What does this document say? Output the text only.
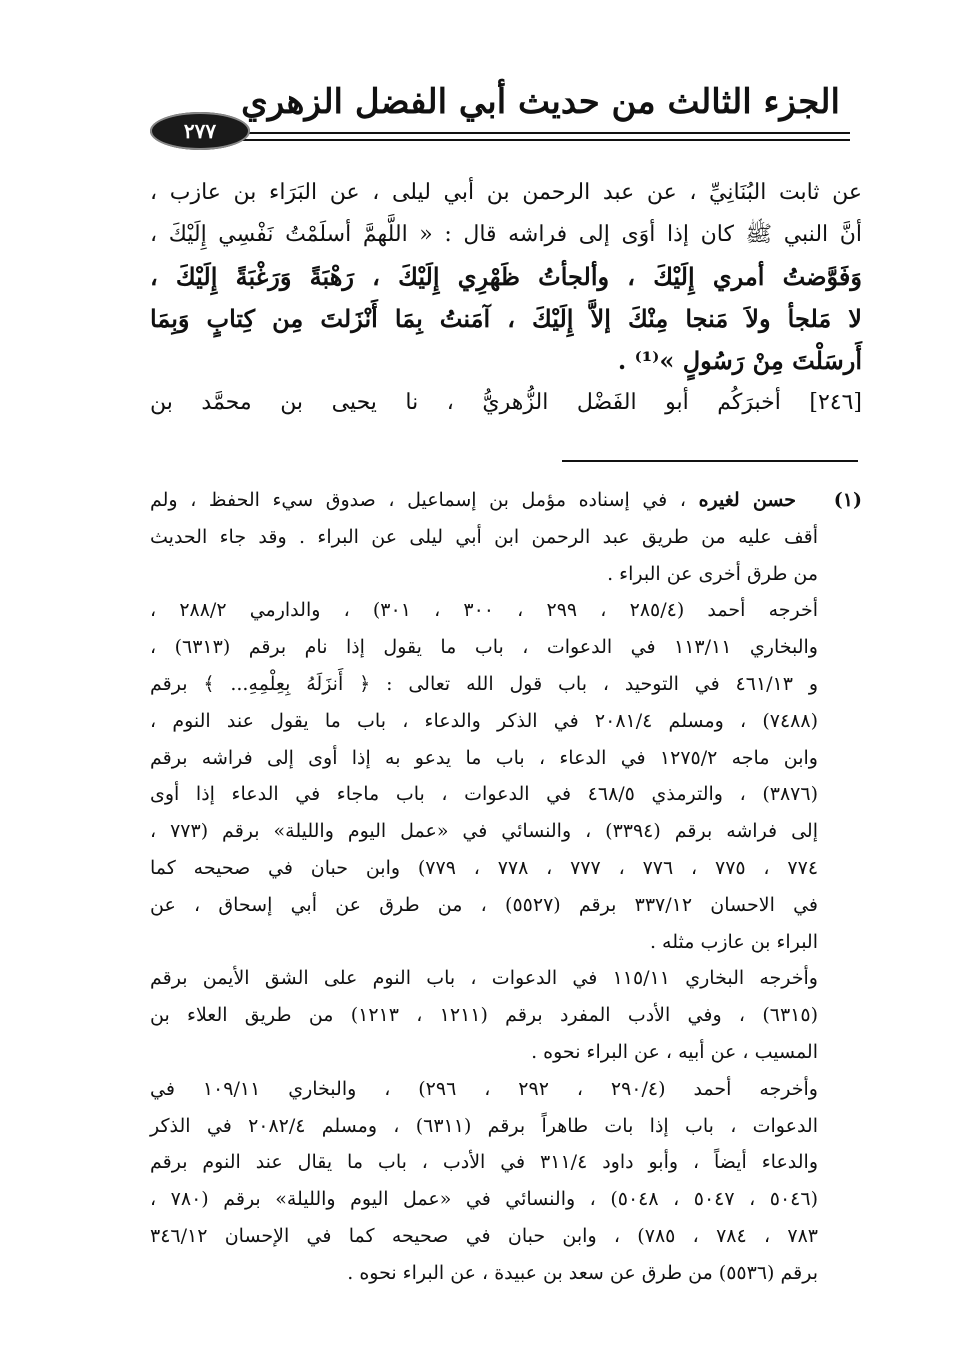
الجزء الثالث من حديث أبي الفضل الزهري
٢٧٧
عن ثابت البُنَانِيِّ ، عن عبد الرحمن بن أبي ليلى ، عن البَرَاء بن عازب ،
أنَّ النبي ﷺ كان إذا أوَى إلى فراشه قال : « اللَّهمَّ أسلَمْتُ نَفْسِي إِلَيْكَ ،
وَفَوَّضتُ أمري إِلَيْكَ ، وألجأتُ ظَهْرِي إِلَيْكَ ، رَهْبَةً وَرَغْبَةً إِلَيْكَ ،
لا مَلجأ ولاَ مَنجا مِنْكَ إلاَّ إِلَيْكَ ، آمَنتُ بِمَا أَنْزَلتَ مِن كِتابٍ وَبِمَا
أَرسَلْتَ مِنْ رَسُولٍ »⁽¹⁾ .
[٢٤٦] أخبرَكُم أبو الفَضْل الزُّهريُّ ، نا يحيى بن محمَّد بن
(١)   حسن لغيره ، في إسناده مؤمل بن إسماعيل ، صدوق سيء الحفظ ، ولم
أقف عليه من طريق عبد الرحمن ابن أبي ليلى عن البراء . وقد جاء الحديث
من طرق أخرى عن البراء .
أخرجه أحمد (٢٨٥/٤ ، ٢٩٩ ، ٣٠٠ ، ٣٠١) ، والدارمي ٢٨٨/٢ ،
والبخاري ١١٣/١١ في الدعوات ، باب ما يقول إذا نام برقم (٦٣١٣) ،
و ٤٦١/١٣ في التوحيد ، باب قول الله تعالى : ﴿ أَنزَلَهُ بِعِلْمِهِ... ﴾ برقم
(٧٤٨٨) ، ومسلم ٢٠٨١/٤ في الذكر والدعاء ، باب ما يقول عند النوم ،
وابن ماجه ١٢٧٥/٢ في الدعاء ، باب ما يدعو به إذا أوى إلى فراشه برقم
(٣٨٧٦) ، والترمذي ٤٦٨/٥ في الدعوات ، باب ماجاء في الدعاء إذا أوى
إلى فراشه برقم (٣٣٩٤) ، والنسائي في «عمل اليوم والليلة» برقم (٧٧٣ ،
٧٧٤ ، ٧٧٥ ، ٧٧٦ ، ٧٧٧ ، ٧٧٨ ، ٧٧٩) وابن حبان في صحيحه كما
في الاحسان ٣٣٧/١٢ برقم (٥٥٢٧) ، من طرق عن أبي إسحاق ، عن
البراء بن عازب مثله .
وأخرجه البخاري ١١٥/١١ في الدعوات ، باب النوم على الشق الأيمن برقم
(٦٣١٥) ، وفي الأدب المفرد برقم (١٢١١ ، ١٢١٣) من طريق العلاء بن
المسيب ، عن أبيه ، عن البراء نحوه .
وأخرجه أحمد (٢٩٠/٤ ، ٢٩٢ ، ٢٩٦) ، والبخاري ١٠٩/١١ في
الدعوات ، باب إذا بات طاهراً برقم (٦٣١١) ، ومسلم ٢٠٨٢/٤ في الذكر
والدعاء أيضاً ، وأبو داود ٣١١/٤ في الأدب ، باب ما يقال عند النوم برقم
(٥٠٤٦ ، ٥٠٤٧ ، ٥٠٤٨) ، والنسائي في «عمل اليوم والليلة» برقم (٧٨٠ ،
٧٨٣ ، ٧٨٤ ، ٧٨٥) ، وابن حبان في صحيحه كما في الإحسان ٣٤٦/١٢
برقم (٥٥٣٦) من طرق عن سعد بن عبيدة ، عن البراء نحوه .
